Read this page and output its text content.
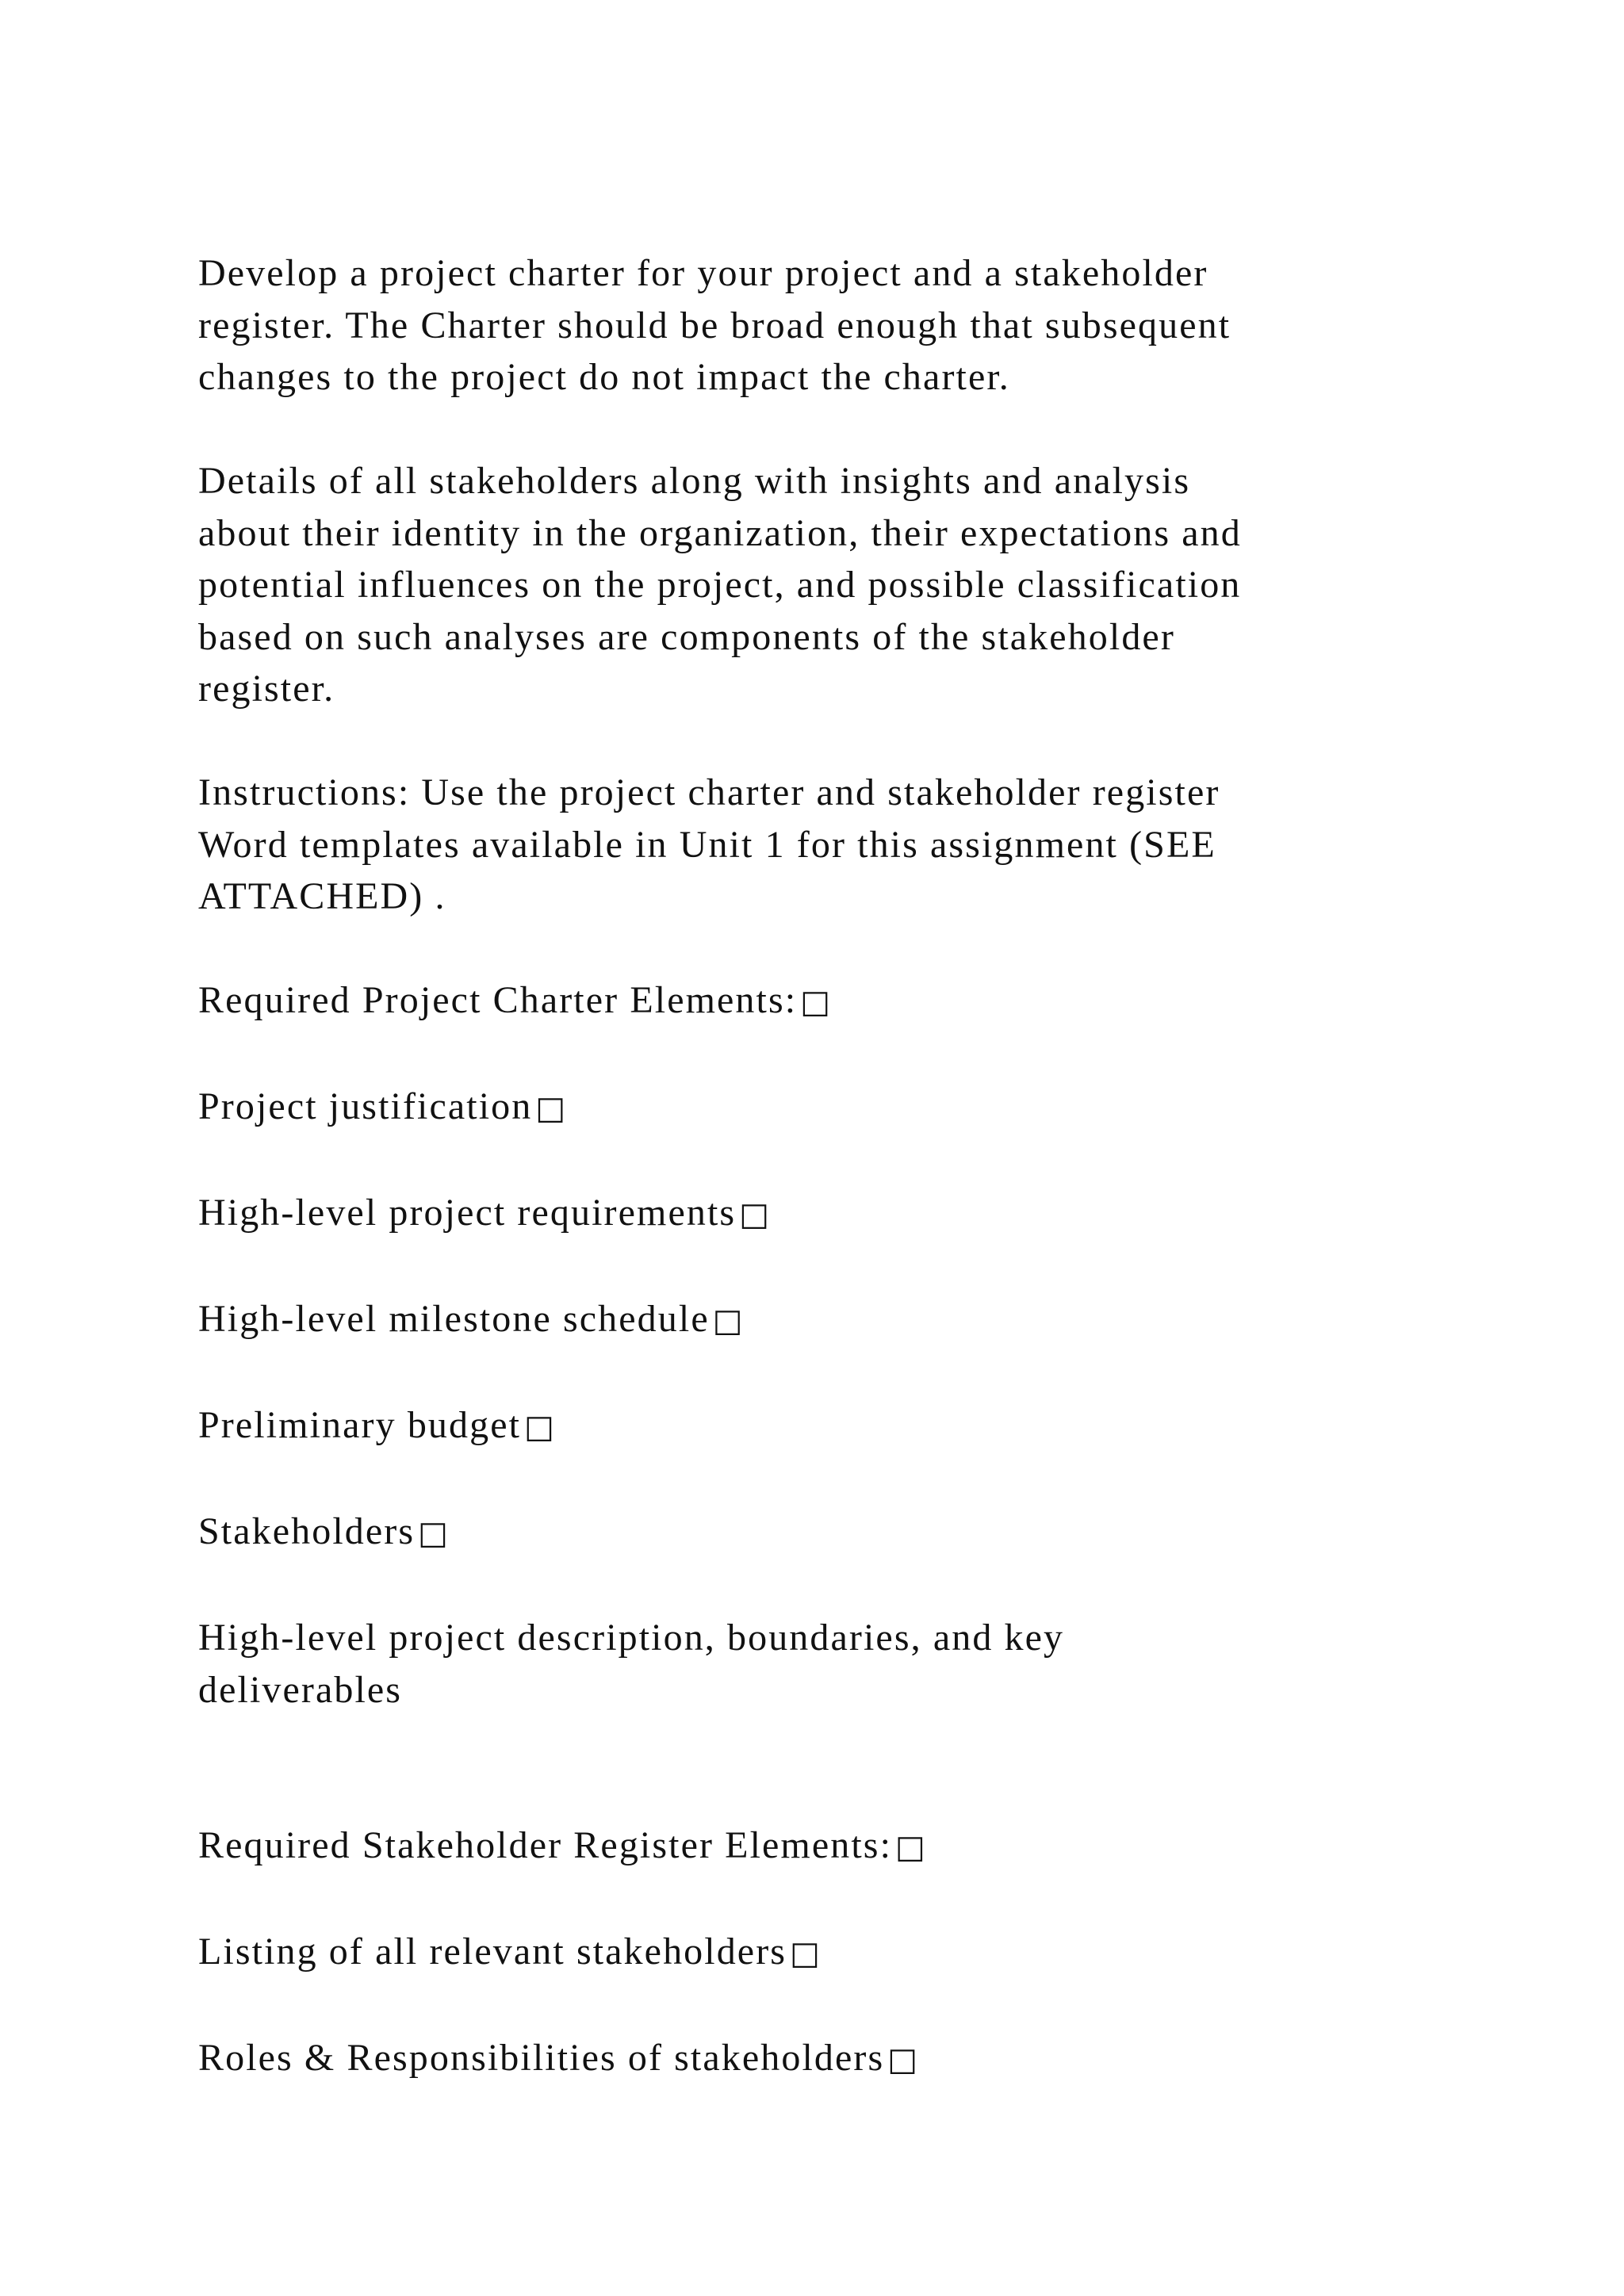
Develop a project charter for your project and a stakeholder
register. The Charter should be broad enough that subsequent
changes to the project do not impact the charter.

Details of all stakeholders along with insights and analysis
about their identity in the organization, their expectations and
potential influences on the project, and possible classification
based on such analyses are components of the stakeholder
register.

Instructions: Use the project charter and stakeholder register
Word templates available in Unit 1 for this assignment (SEE
ATTACHED) .

Required Project Charter Elements: □

Project justification □

High-level project requirements □

High-level milestone schedule □

Preliminary budget □

Stakeholders □

High-level project description, boundaries, and key
deliverables

Required Stakeholder Register Elements: □

Listing of all relevant stakeholders □

Roles & Responsibilities of stakeholders □
